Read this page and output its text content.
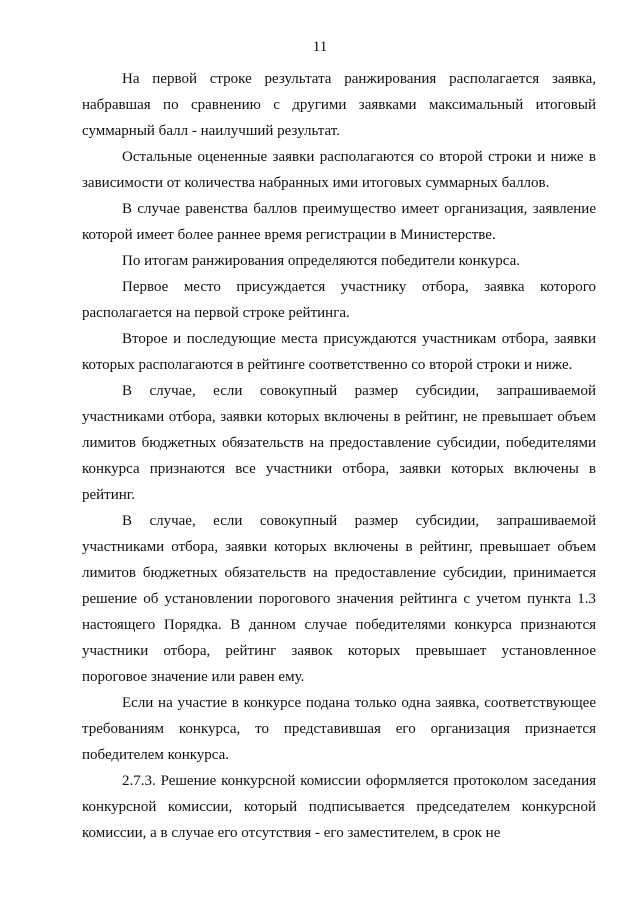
11

На первой строке результата ранжирования располагается заявка, набравшая по сравнению с другими заявками максимальный итоговый суммарный балл - наилучший результат.

Остальные оцененные заявки располагаются со второй строки и ниже в зависимости от количества набранных ими итоговых суммарных баллов.

В случае равенства баллов преимущество имеет организация, заявление которой имеет более раннее время регистрации в Министерстве.

По итогам ранжирования определяются победители конкурса.

Первое место присуждается участнику отбора, заявка которого располагается на первой строке рейтинга.

Второе и последующие места присуждаются участникам отбора, заявки которых располагаются в рейтинге соответственно со второй строки и ниже.

В случае, если совокупный размер субсидии, запрашиваемой участниками отбора, заявки которых включены в рейтинг, не превышает объем лимитов бюджетных обязательств на предоставление субсидии, победителями конкурса признаются все участники отбора, заявки которых включены в рейтинг.

В случае, если совокупный размер субсидии, запрашиваемой участниками отбора, заявки которых включены в рейтинг, превышает объем лимитов бюджетных обязательств на предоставление субсидии, принимается решение об установлении порогового значения рейтинга с учетом пункта 1.3 настоящего Порядка. В данном случае победителями конкурса признаются участники отбора, рейтинг заявок которых превышает установленное пороговое значение или равен ему.

Если на участие в конкурсе подана только одна заявка, соответствующее требованиям конкурса, то представившая его организация признается победителем конкурса.

2.7.3. Решение конкурсной комиссии оформляется протоколом заседания конкурсной комиссии, который подписывается председателем конкурсной комиссии, а в случае его отсутствия - его заместителем, в срок не
